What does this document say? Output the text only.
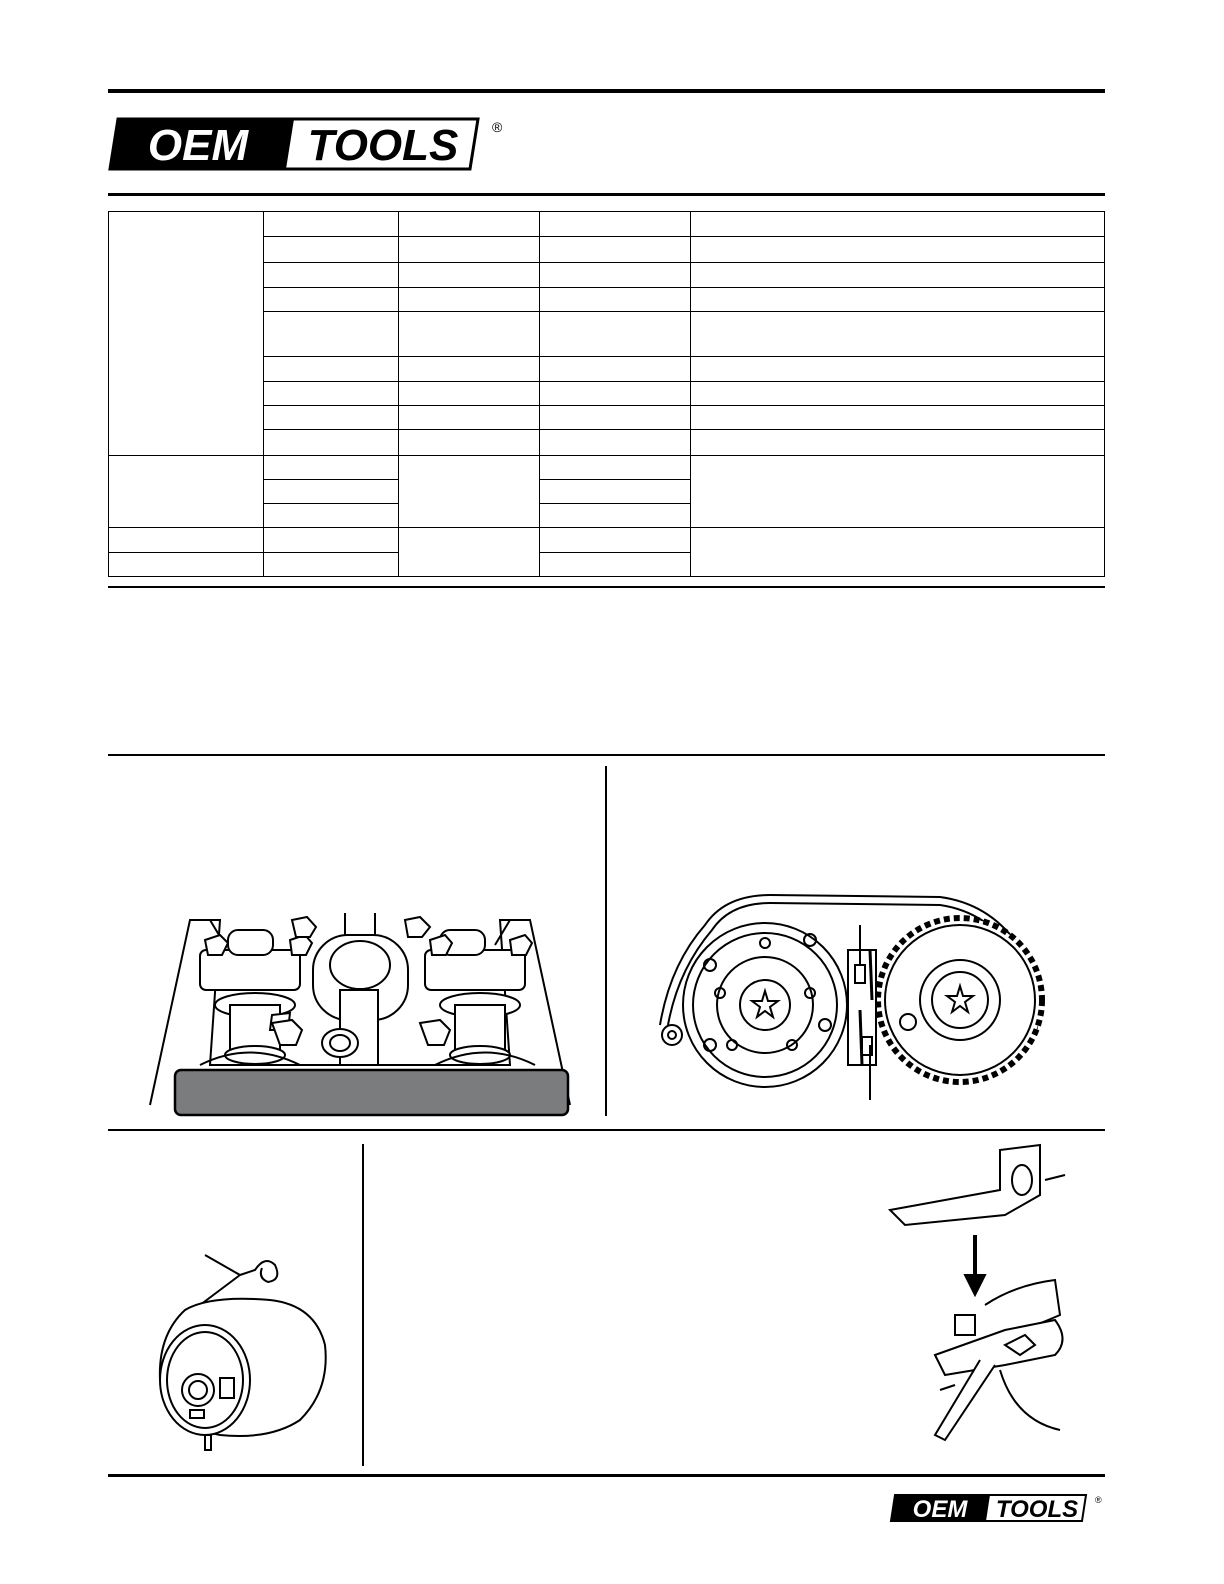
OEM TOOLS ®

OEM TOOLS ®
